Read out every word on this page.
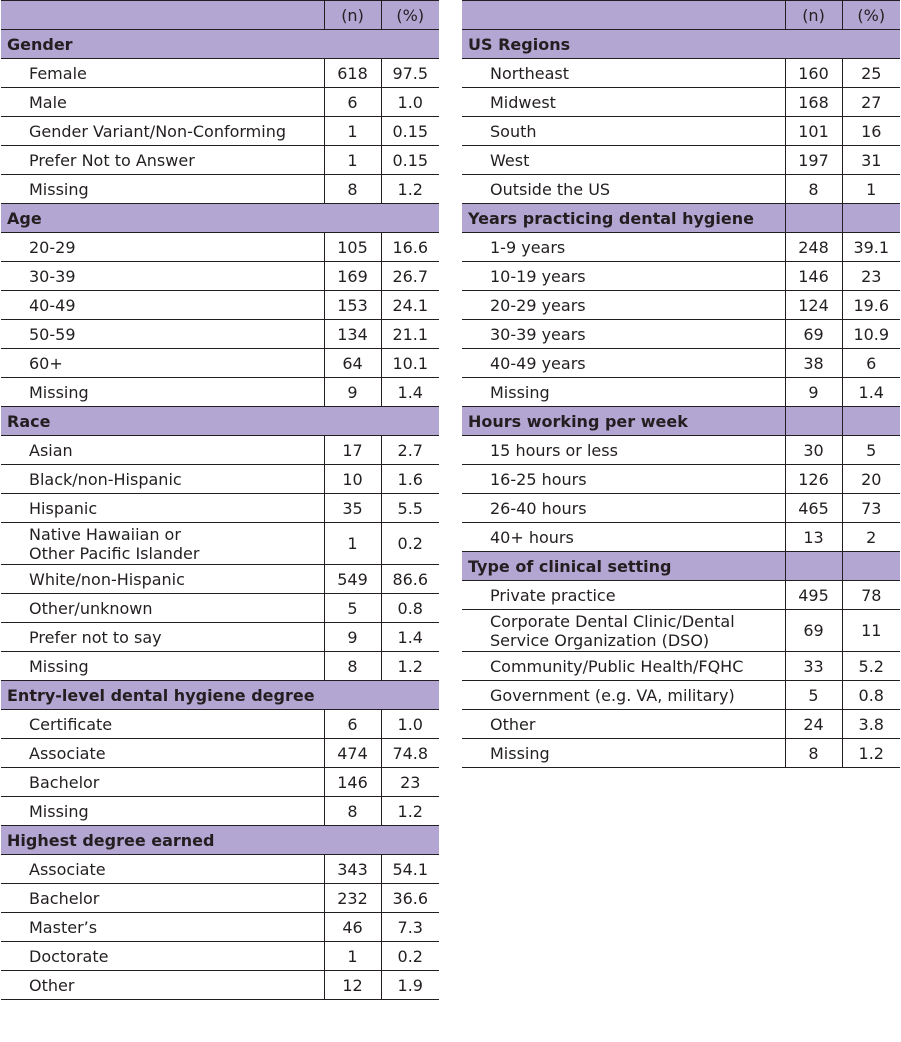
	(n)	(%)
Gender		
Female	618	97.5
Male	6	1.0
Gender Variant/Non-Conforming	1	0.15
Prefer Not to Answer	1	0.15
Missing	8	1.2
Age		
20-29	105	16.6
30-39	169	26.7
40-49	153	24.1
50-59	134	21.1
60+	64	10.1
Missing	9	1.4
Race		
Asian	17	2.7
Black/non-Hispanic	10	1.6
Hispanic	35	5.5

Native Hawaiian or
Other Pacific Islander	1	0.2
White/non-Hispanic	549	86.6
Other/unknown	5	0.8
Prefer not to say	9	1.4
Missing	8	1.2
Entry-level dental hygiene degree		
Certificate	6	1.0
Associate	474	74.8
Bachelor	146	23
Missing	8	1.2
Highest degree earned		
Associate	343	54.1
Bachelor	232	36.6
Master’s	46	7.3
Doctorate	1	0.2
Other	12	1.9
	(n)	(%)
US Regions		
Northeast	160	25
Midwest	168	27
South	101	16
West	197	31
Outside the US	8	1
Years practicing dental hygiene		
1-9 years	248	39.1
10-19 years	146	23
20-29 years	124	19.6
30-39 years	69	10.9
40-49 years	38	6
Missing	9	1.4
Hours working per week		
15 hours or less	30	5
16-25 hours	126	20
26-40 hours	465	73
40+ hours	13	2
Type of clinical setting		
Private practice	495	78

Corporate Dental Clinic/Dental
Service Organization (DSO)	69	11
Community/Public Health/FQHC	33	5.2
Government (e.g. VA, military)	5	0.8
Other	24	3.8
Missing	8	1.2
